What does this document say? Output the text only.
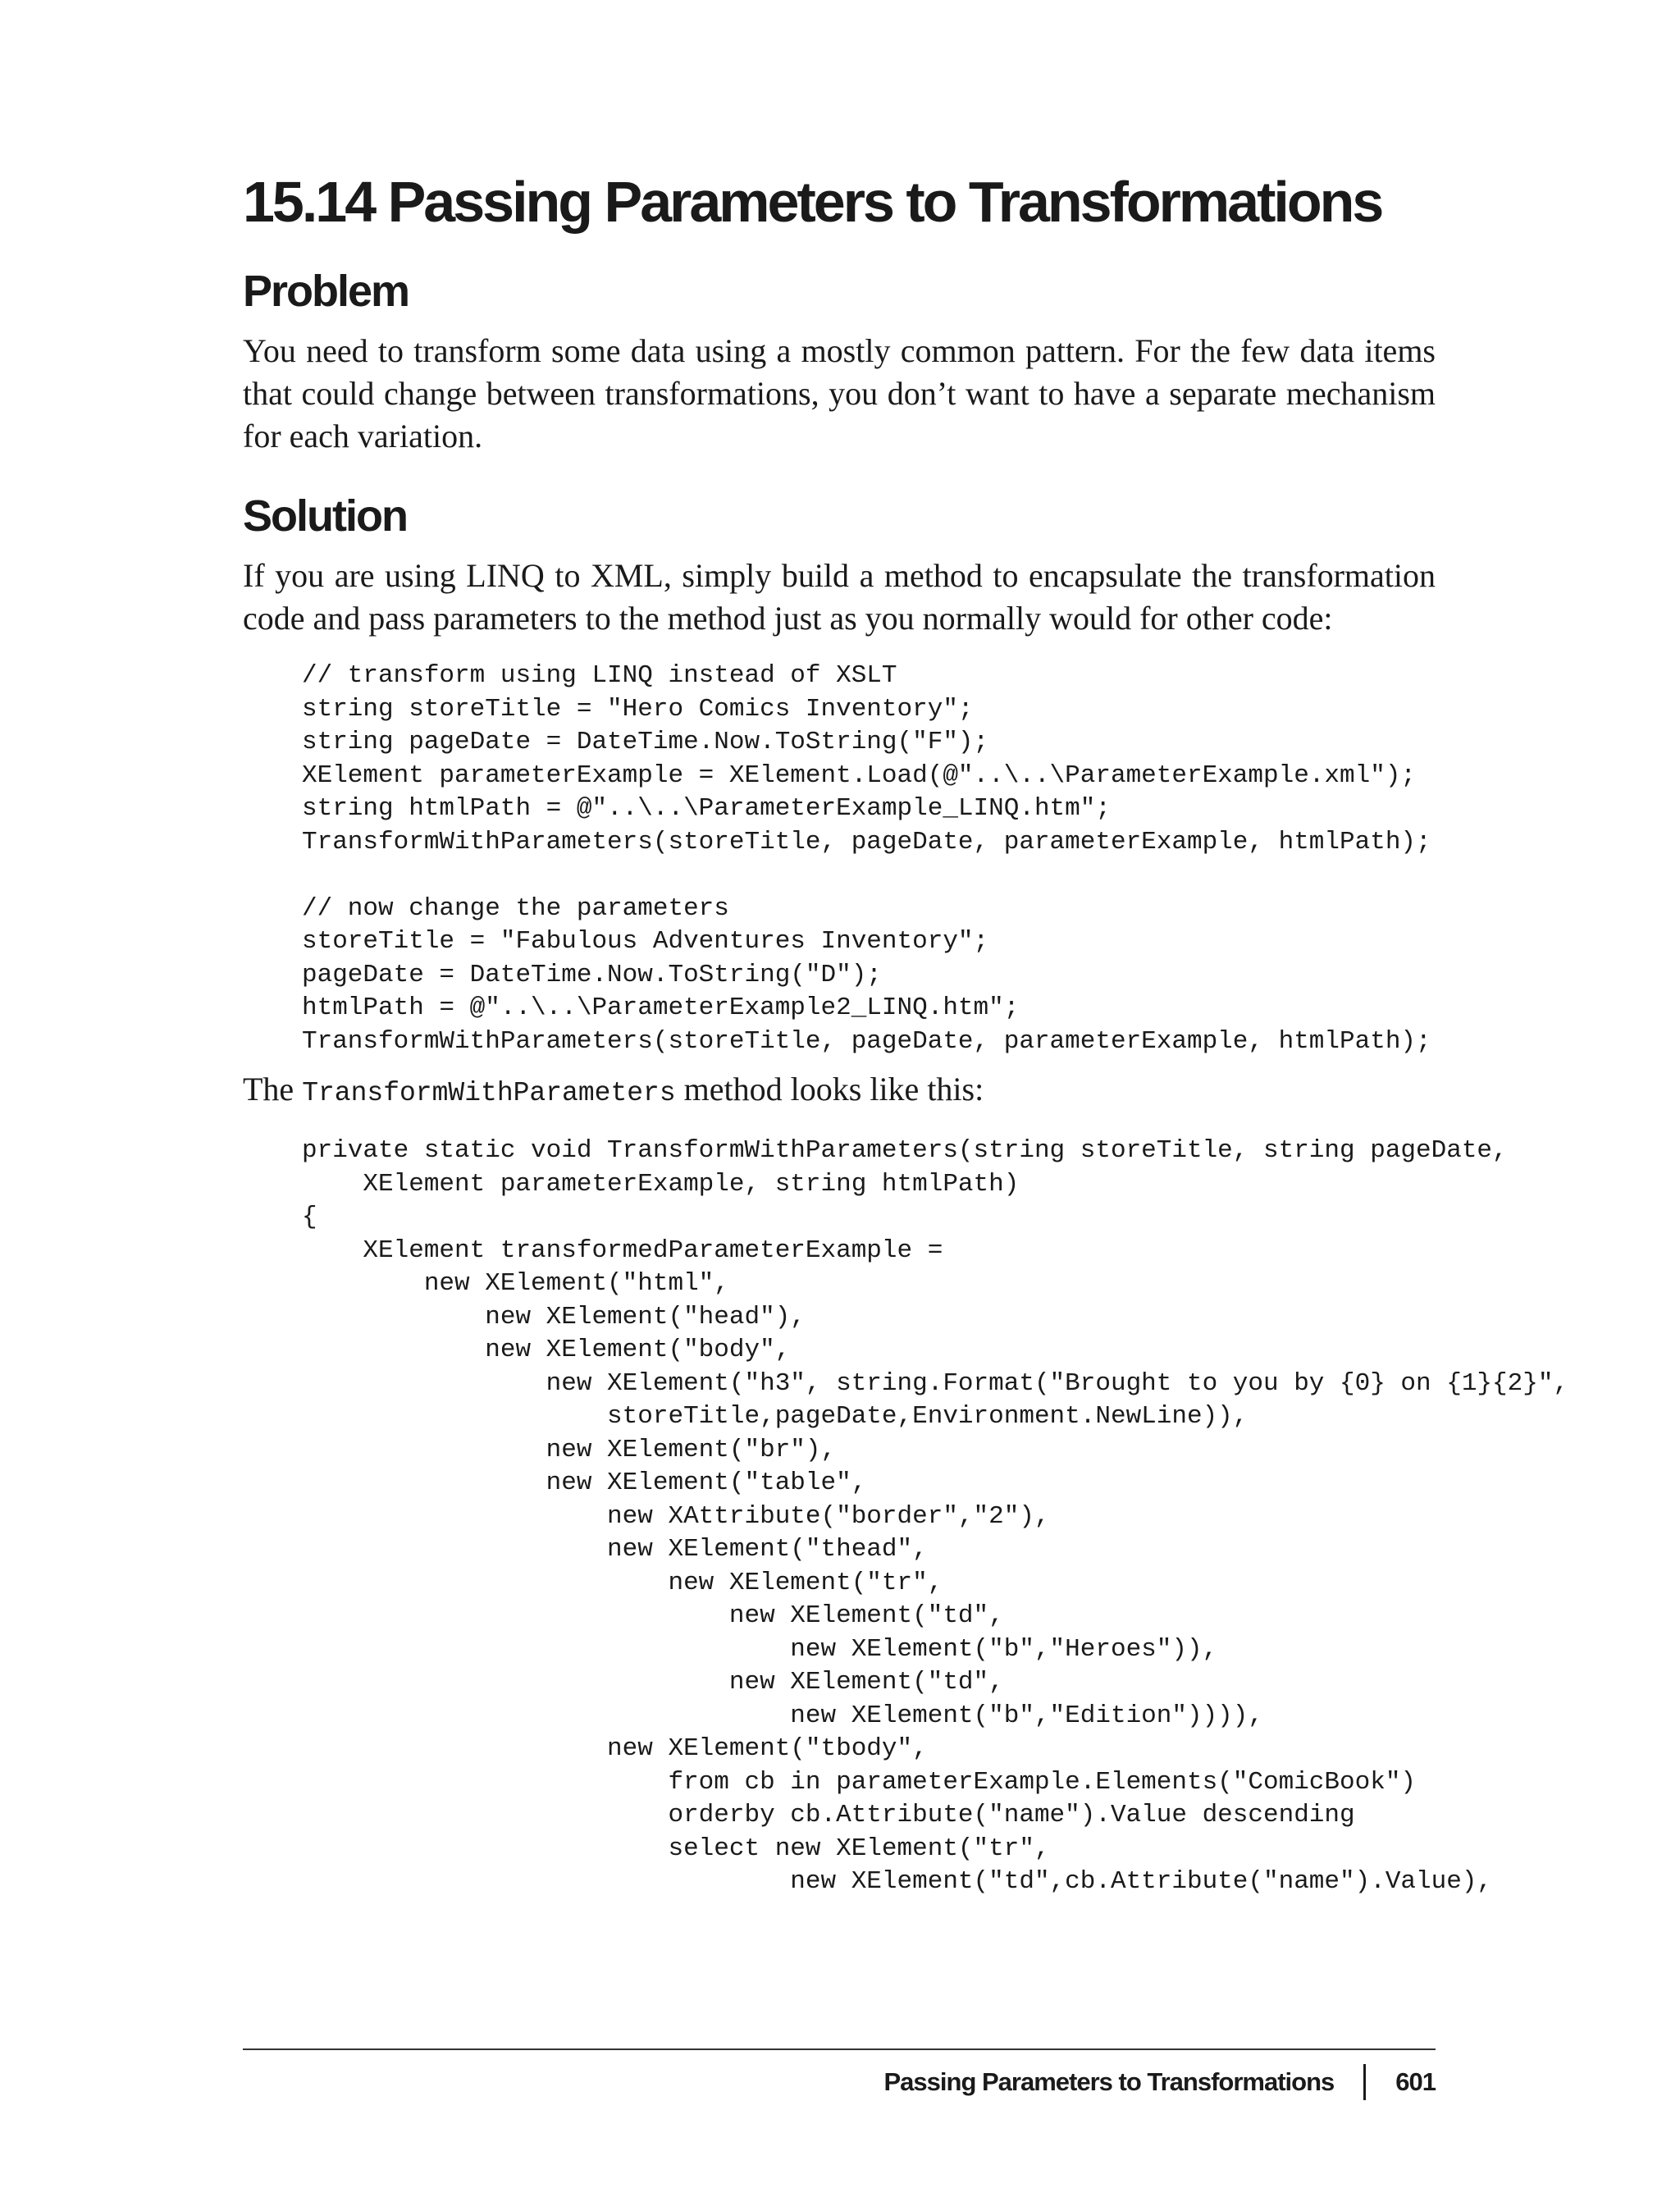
15.14 Passing Parameters to Transformations
Problem

You need to transform some data using a mostly common pattern. For the few data items that could change between transformations, you don’t want to have a separate mechanism for each variation.

Solution

If you are using LINQ to XML, simply build a method to encapsulate the transformation code and pass parameters to the method just as you normally would for other code:

// transform using LINQ instead of XSLT
string storeTitle = "Hero Comics Inventory";
string pageDate = DateTime.Now.ToString("F");
XElement parameterExample = XElement.Load(@"..\..\ParameterExample.xml");
string htmlPath = @"..\..\ParameterExample_LINQ.htm";
TransformWithParameters(storeTitle, pageDate, parameterExample, htmlPath);

// now change the parameters
storeTitle = "Fabulous Adventures Inventory";
pageDate = DateTime.Now.ToString("D");
htmlPath = @"..\..\ParameterExample2_LINQ.htm";
TransformWithParameters(storeTitle, pageDate, parameterExample, htmlPath);

The TransformWithParameters method looks like this:

private static void TransformWithParameters(string storeTitle, string pageDate,
XElement parameterExample, string htmlPath)
{
XElement transformedParameterExample =
new XElement("html",
new XElement("head"),
new XElement("body",
new XElement("h3", string.Format("Brought to you by {0} on {1}{2}",
storeTitle,pageDate,Environment.NewLine)),
new XElement("br"),
new XElement("table",
new XAttribute("border","2"),
new XElement("thead",
new XElement("tr",
new XElement("td",
new XElement("b","Heroes")),
new XElement("td",
new XElement("b","Edition")))),
new XElement("tbody",
from cb in parameterExample.Elements("ComicBook")
orderby cb.Attribute("name").Value descending
select new XElement("tr",
new XElement("td",cb.Attribute("name").Value),
Passing Parameters to Transformations 601
